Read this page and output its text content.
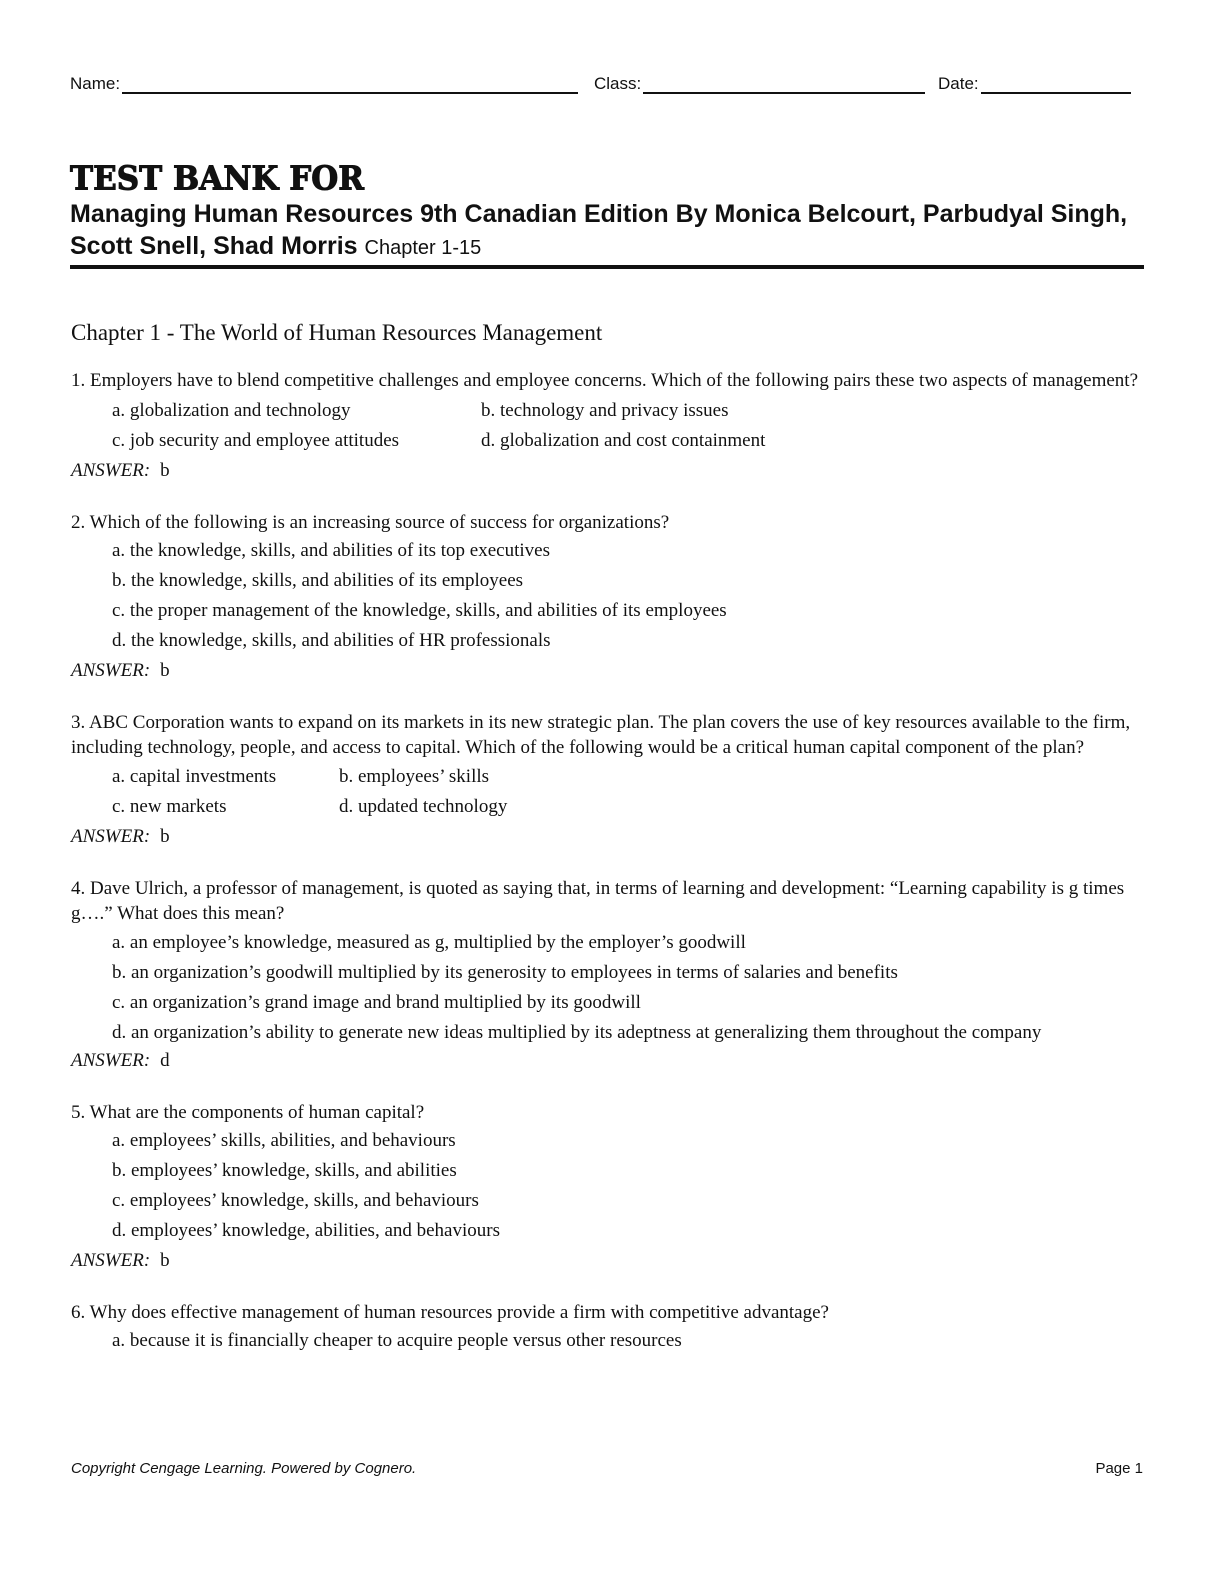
Name:	Class:	Date:
TEST BANK FOR
Managing Human Resources 9th Canadian Edition By Monica Belcourt, Parbudyal Singh, Scott Snell, Shad Morris Chapter 1-15
Chapter 1 - The World of Human Resources Management
1. Employers have to blend competitive challenges and employee concerns. Which of the following pairs these two aspects of management?
a. globalization and technology	b. technology and privacy issues
c. job security and employee attitudes	d. globalization and cost containment
ANSWER: b
2. Which of the following is an increasing source of success for organizations?
a. the knowledge, skills, and abilities of its top executives
b. the knowledge, skills, and abilities of its employees
c. the proper management of the knowledge, skills, and abilities of its employees
d. the knowledge, skills, and abilities of HR professionals
ANSWER: b
3. ABC Corporation wants to expand on its markets in its new strategic plan. The plan covers the use of key resources available to the firm, including technology, people, and access to capital. Which of the following would be a critical human capital component of the plan?
a. capital investments	b. employees’ skills
c. new markets	d. updated technology
ANSWER: b
4. Dave Ulrich, a professor of management, is quoted as saying that, in terms of learning and development: “Learning capability is g times g….” What does this mean?
a. an employee’s knowledge, measured as g, multiplied by the employer’s goodwill
b. an organization’s goodwill multiplied by its generosity to employees in terms of salaries and benefits
c. an organization’s grand image and brand multiplied by its goodwill
d. an organization’s ability to generate new ideas multiplied by its adeptness at generalizing them throughout the company
ANSWER: d
5. What are the components of human capital?
a. employees’ skills, abilities, and behaviours
b. employees’ knowledge, skills, and abilities
c. employees’ knowledge, skills, and behaviours
d. employees’ knowledge, abilities, and behaviours
ANSWER: b
6. Why does effective management of human resources provide a firm with competitive advantage?
a. because it is financially cheaper to acquire people versus other resources
Copyright Cengage Learning. Powered by Cognero.	Page 1
